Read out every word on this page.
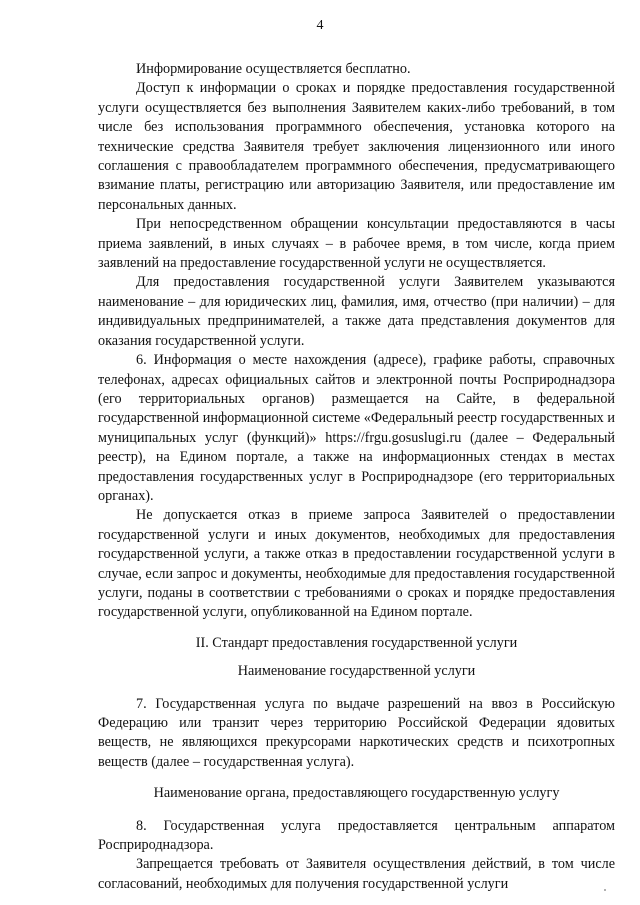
4

Информирование осуществляется бесплатно.

Доступ к информации о сроках и порядке предоставления государственной услуги осуществляется без выполнения Заявителем каких-либо требований, в том числе без использования программного обеспечения, установка которого на технические средства Заявителя требует заключения лицензионного или иного соглашения с правообладателем программного обеспечения, предусматривающего взимание платы, регистрацию или авторизацию Заявителя, или предоставление им персональных данных.

При непосредственном обращении консультации предоставляются в часы приема заявлений, в иных случаях – в рабочее время, в том числе, когда прием заявлений на предоставление государственной услуги не осуществляется.

Для предоставления государственной услуги Заявителем указываются наименование – для юридических лиц, фамилия, имя, отчество (при наличии) – для индивидуальных предпринимателей, а также дата представления документов для оказания государственной услуги.

6. Информация о месте нахождения (адресе), графике работы, справочных телефонах, адресах официальных сайтов и электронной почты Росприроднадзора (его территориальных органов) размещается на Сайте, в федеральной государственной информационной системе «Федеральный реестр государственных и муниципальных услуг (функций)» https://frgu.gosuslugi.ru (далее – Федеральный реестр), на Едином портале, а также на информационных стендах в местах предоставления государственных услуг в Росприроднадзоре (его территориальных органах).

Не допускается отказ в приеме запроса Заявителей о предоставлении государственной услуги и иных документов, необходимых для предоставления государственной услуги, а также отказ в предоставлении государственной услуги в случае, если запрос и документы, необходимые для предоставления государственной услуги, поданы в соответствии с требованиями о сроках и порядке предоставления государственной услуги, опубликованной на Едином портале.

II. Стандарт предоставления государственной услуги

Наименование государственной услуги

7. Государственная услуга по выдаче разрешений на ввоз в Российскую Федерацию или транзит через территорию Российской Федерации ядовитых веществ, не являющихся прекурсорами наркотических средств и психотропных веществ (далее – государственная услуга).

Наименование органа, предоставляющего государственную услугу

8. Государственная услуга предоставляется центральным аппаратом Росприроднадзора.

Запрещается требовать от Заявителя осуществления действий, в том числе согласований, необходимых для получения государственной услуги
